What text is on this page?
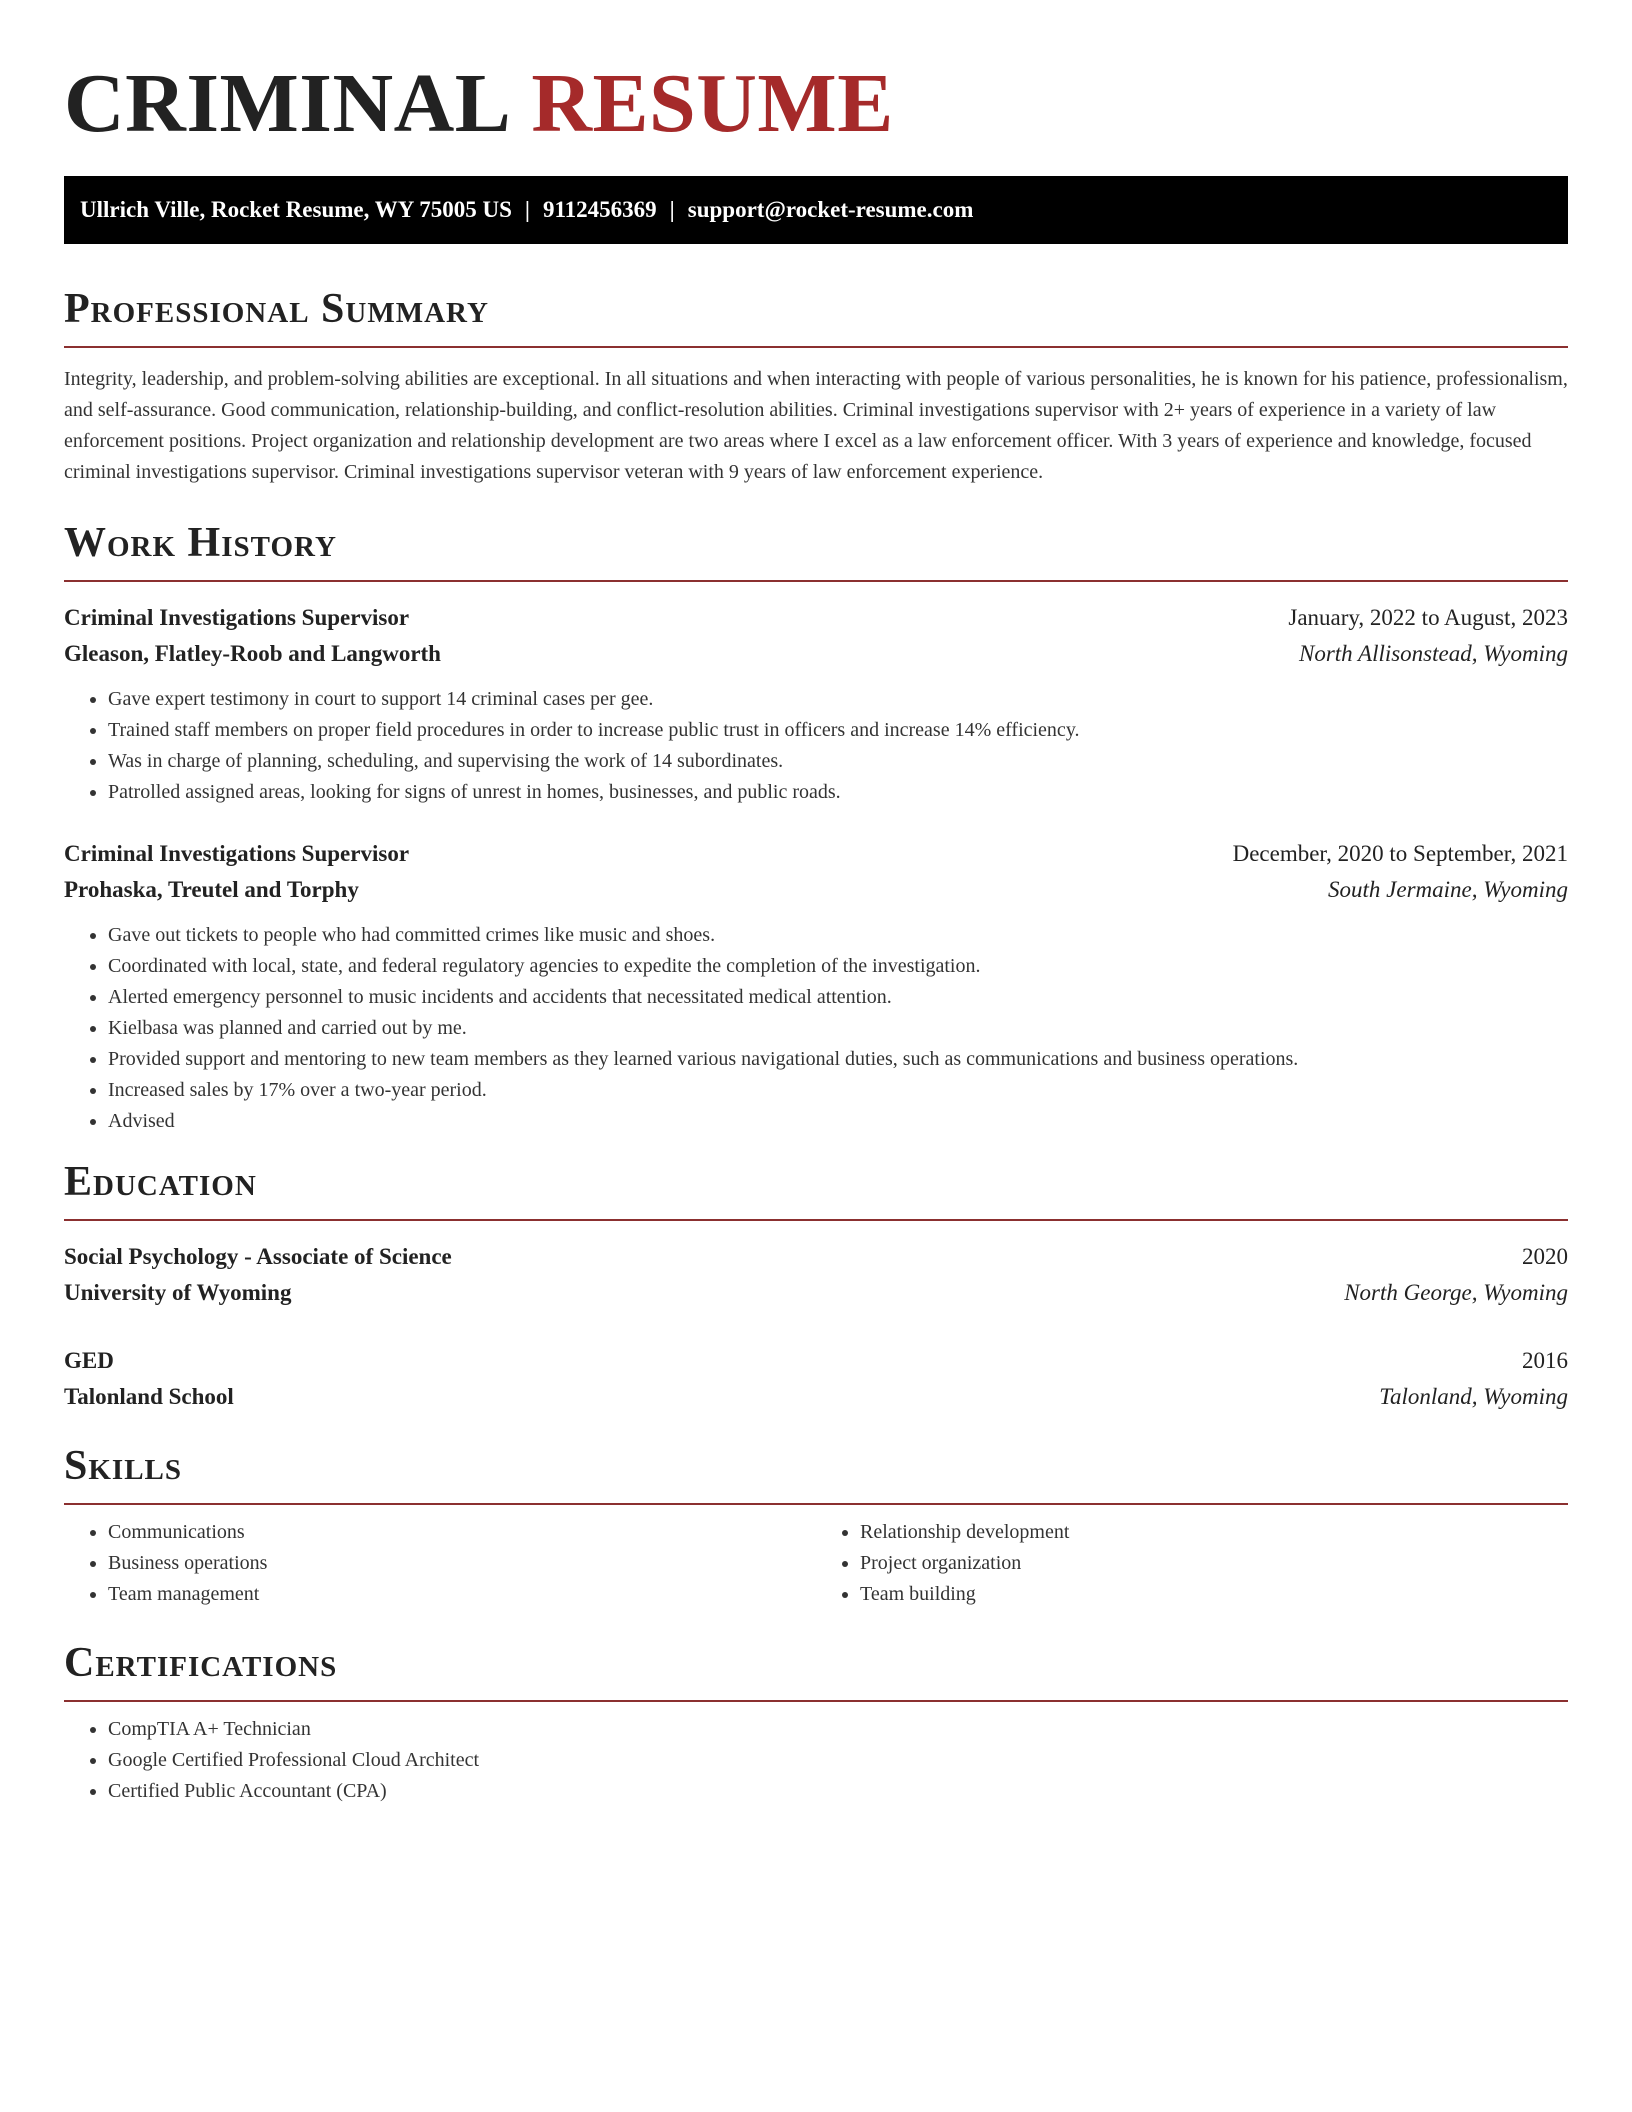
CRIMINAL RESUME
Ullrich Ville, Rocket Resume, WY 75005 US | 9112456369 | support@rocket-resume.com
Professional Summary

Integrity, leadership, and problem-solving abilities are exceptional. In all situations and when interacting with people of various personalities, he is known for his patience, professionalism, and self-assurance. Good communication, relationship-building, and conflict-resolution abilities. Criminal investigations supervisor with 2+ years of experience in a variety of law enforcement positions. Project organization and relationship development are two areas where I excel as a law enforcement officer. With 3 years of experience and knowledge, focused criminal investigations supervisor. Criminal investigations supervisor veteran with 9 years of law enforcement experience.

Work History
Criminal Investigations Supervisor	January, 2022 to August, 2023
Gleason, Flatley-Roob and Langworth	North Allisonstead, Wyoming
• Gave expert testimony in court to support 14 criminal cases per gee.
• Trained staff members on proper field procedures in order to increase public trust in officers and increase 14% efficiency.
• Was in charge of planning, scheduling, and supervising the work of 14 subordinates.
• Patrolled assigned areas, looking for signs of unrest in homes, businesses, and public roads.
Criminal Investigations Supervisor	December, 2020 to September, 2021
Prohaska, Treutel and Torphy	South Jermaine, Wyoming
• Gave out tickets to people who had committed crimes like music and shoes.
• Coordinated with local, state, and federal regulatory agencies to expedite the completion of the investigation.
• Alerted emergency personnel to music incidents and accidents that necessitated medical attention.
• Kielbasa was planned and carried out by me.
• Provided support and mentoring to new team members as they learned various navigational duties, such as communications and business operations.
• Increased sales by 17% over a two-year period.
• Advised
Education
Social Psychology - Associate of Science	2020
University of Wyoming	North George, Wyoming
GED	2016
Talonland School	Talonland, Wyoming
Skills
• Communications
• Business operations
• Team management
• Relationship development
• Project organization
• Team building
Certifications
• CompTIA A+ Technician
• Google Certified Professional Cloud Architect
• Certified Public Accountant (CPA)
